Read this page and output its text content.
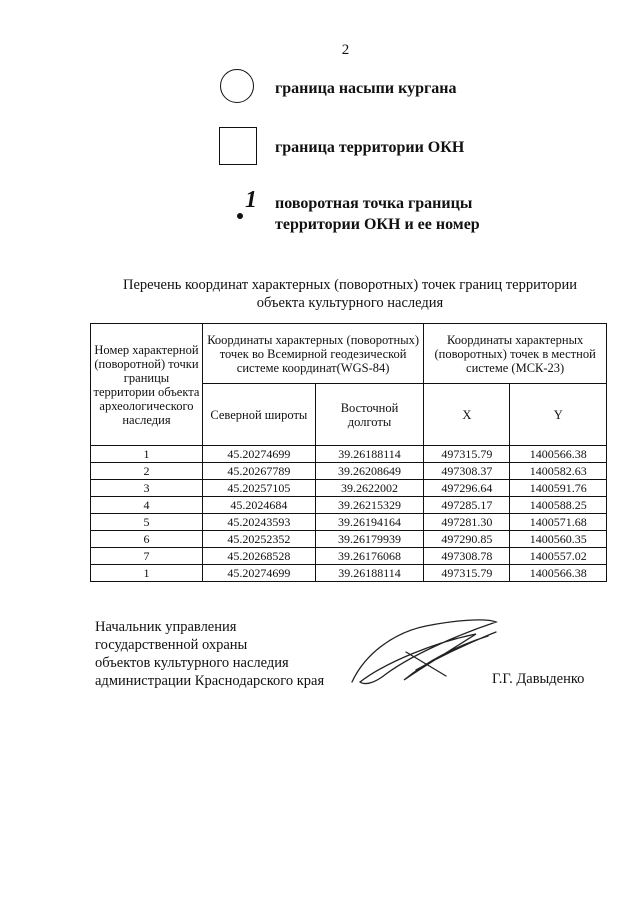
2
граница насыпи кургана
граница территории ОКН
1 поворотная точка границы
территории ОКН и ее номер
Перечень координат характерных (поворотных) точек границ территории
объекта культурного наследия
Номер характерной (поворотной) точки границы территории объекта археологического наследия	Координаты характерных (поворотных) точек во Всемирной геодезической системе координат(WGS-84)		Координаты характерных (поворотных) точек в местной системе (МСК-23)	
	Северной широты	Восточной долготы	X	Y
1	45.20274699	39.26188114	497315.79	1400566.38
2	45.20267789	39.26208649	497308.37	1400582.63
3	45.20257105	39.2622002	497296.64	1400591.76
4	45.2024684	39.26215329	497285.17	1400588.25
5	45.20243593	39.26194164	497281.30	1400571.68
6	45.20252352	39.26179939	497290.85	1400560.35
7	45.20268528	39.26176068	497308.78	1400557.02
1	45.20274699	39.26188114	497315.79	1400566.38
Начальник управления
государственной охраны
объектов культурного наследия
администрации Краснодарского края	Г.Г. Давыденко
